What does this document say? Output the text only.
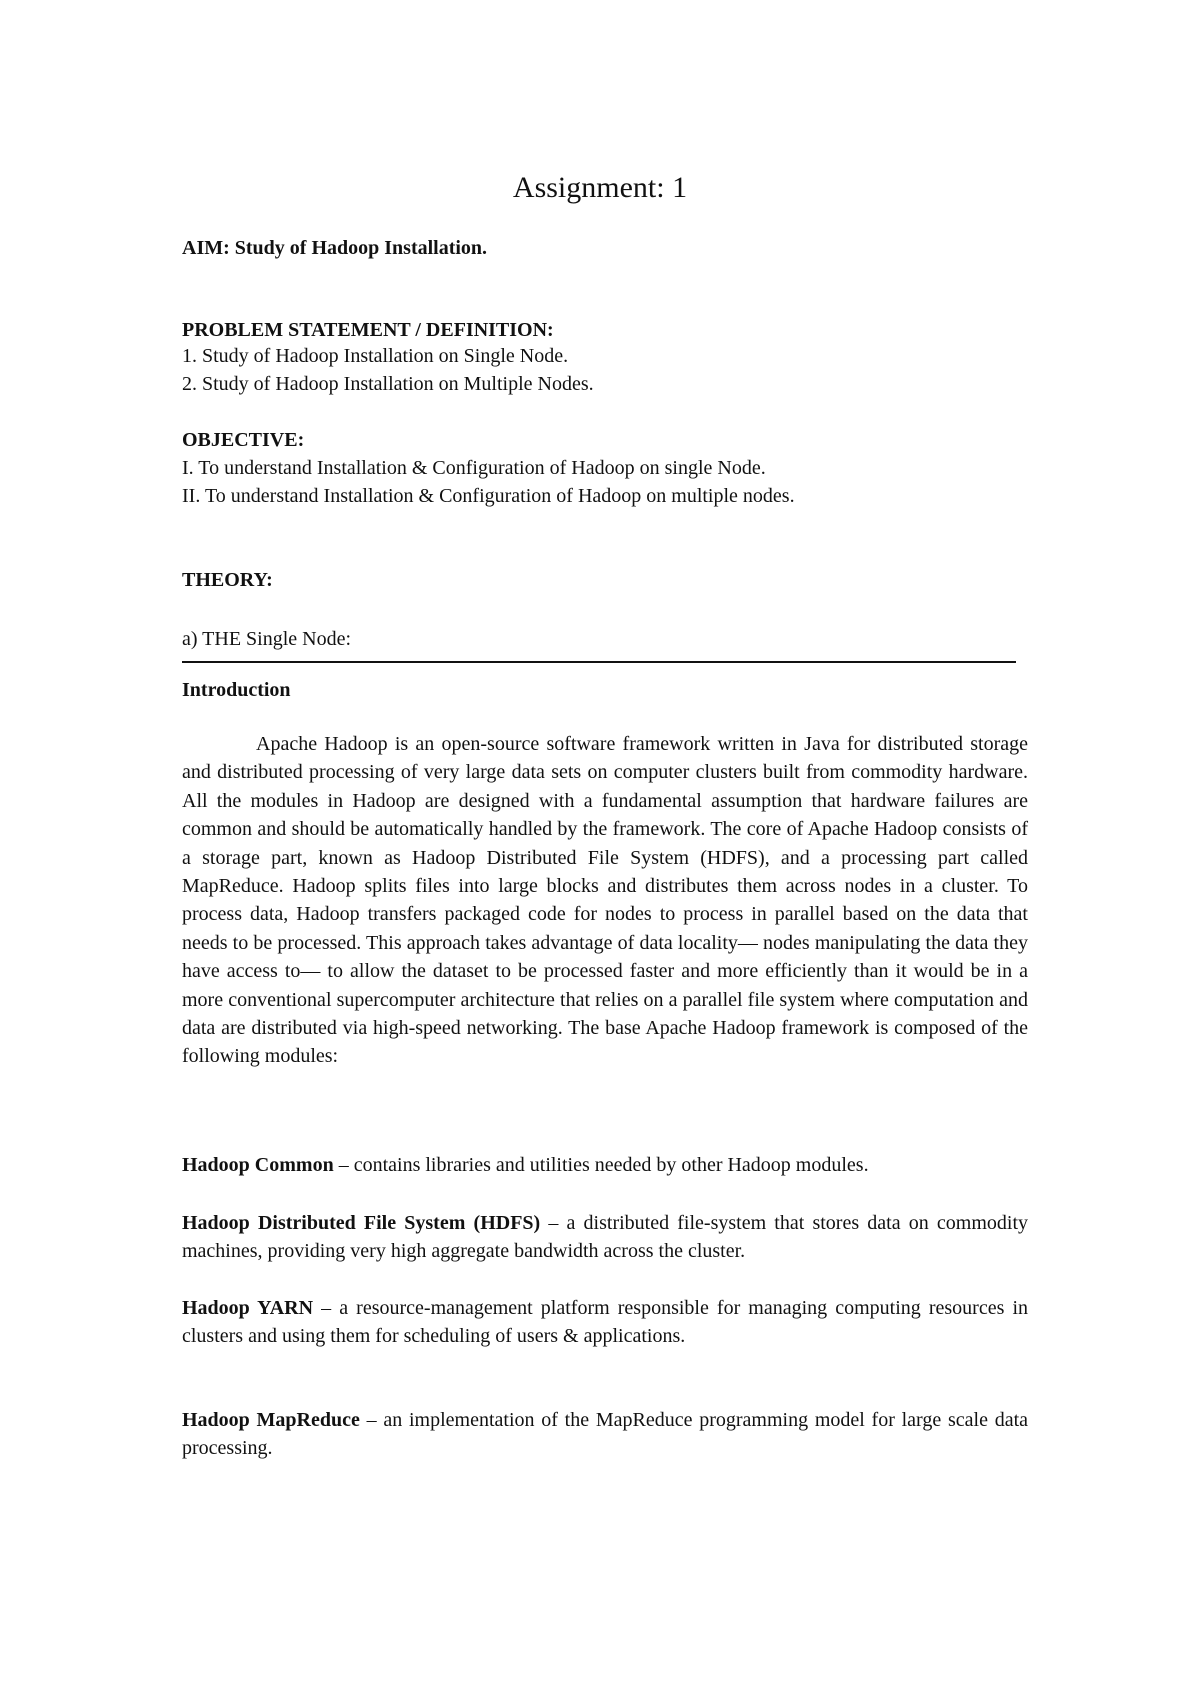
Assignment: 1
AIM: Study of Hadoop Installation.
PROBLEM STATEMENT / DEFINITION:
1. Study of Hadoop Installation on Single Node.
2. Study of Hadoop Installation on Multiple Nodes.
OBJECTIVE:
I. To understand Installation & Configuration of Hadoop on single Node.
II. To understand Installation & Configuration of Hadoop on multiple nodes.
THEORY:
a) THE Single Node:
Introduction
Apache Hadoop is an open-source software framework written in Java for distributed storage and distributed processing of very large data sets on computer clusters built from commodity hardware. All the modules in Hadoop are designed with a fundamental assumption that hardware failures are common and should be automatically handled by the framework. The core of Apache Hadoop consists of a storage part, known as Hadoop Distributed File System (HDFS), and a processing part called MapReduce. Hadoop splits files into large blocks and distributes them across nodes in a cluster. To process data, Hadoop transfers packaged code for nodes to process in parallel based on the data that needs to be processed. This approach takes advantage of data locality— nodes manipulating the data they have access to— to allow the dataset to be processed faster and more efficiently than it would be in a more conventional supercomputer architecture that relies on a parallel file system where computation and data are distributed via high-speed networking. The base Apache Hadoop framework is composed of the following modules:
Hadoop Common – contains libraries and utilities needed by other Hadoop modules.
Hadoop Distributed File System (HDFS) – a distributed file-system that stores data on commodity machines, providing very high aggregate bandwidth across the cluster.
Hadoop YARN – a resource-management platform responsible for managing computing resources in clusters and using them for scheduling of users & applications.
Hadoop MapReduce – an implementation of the MapReduce programming model for large scale data processing.
